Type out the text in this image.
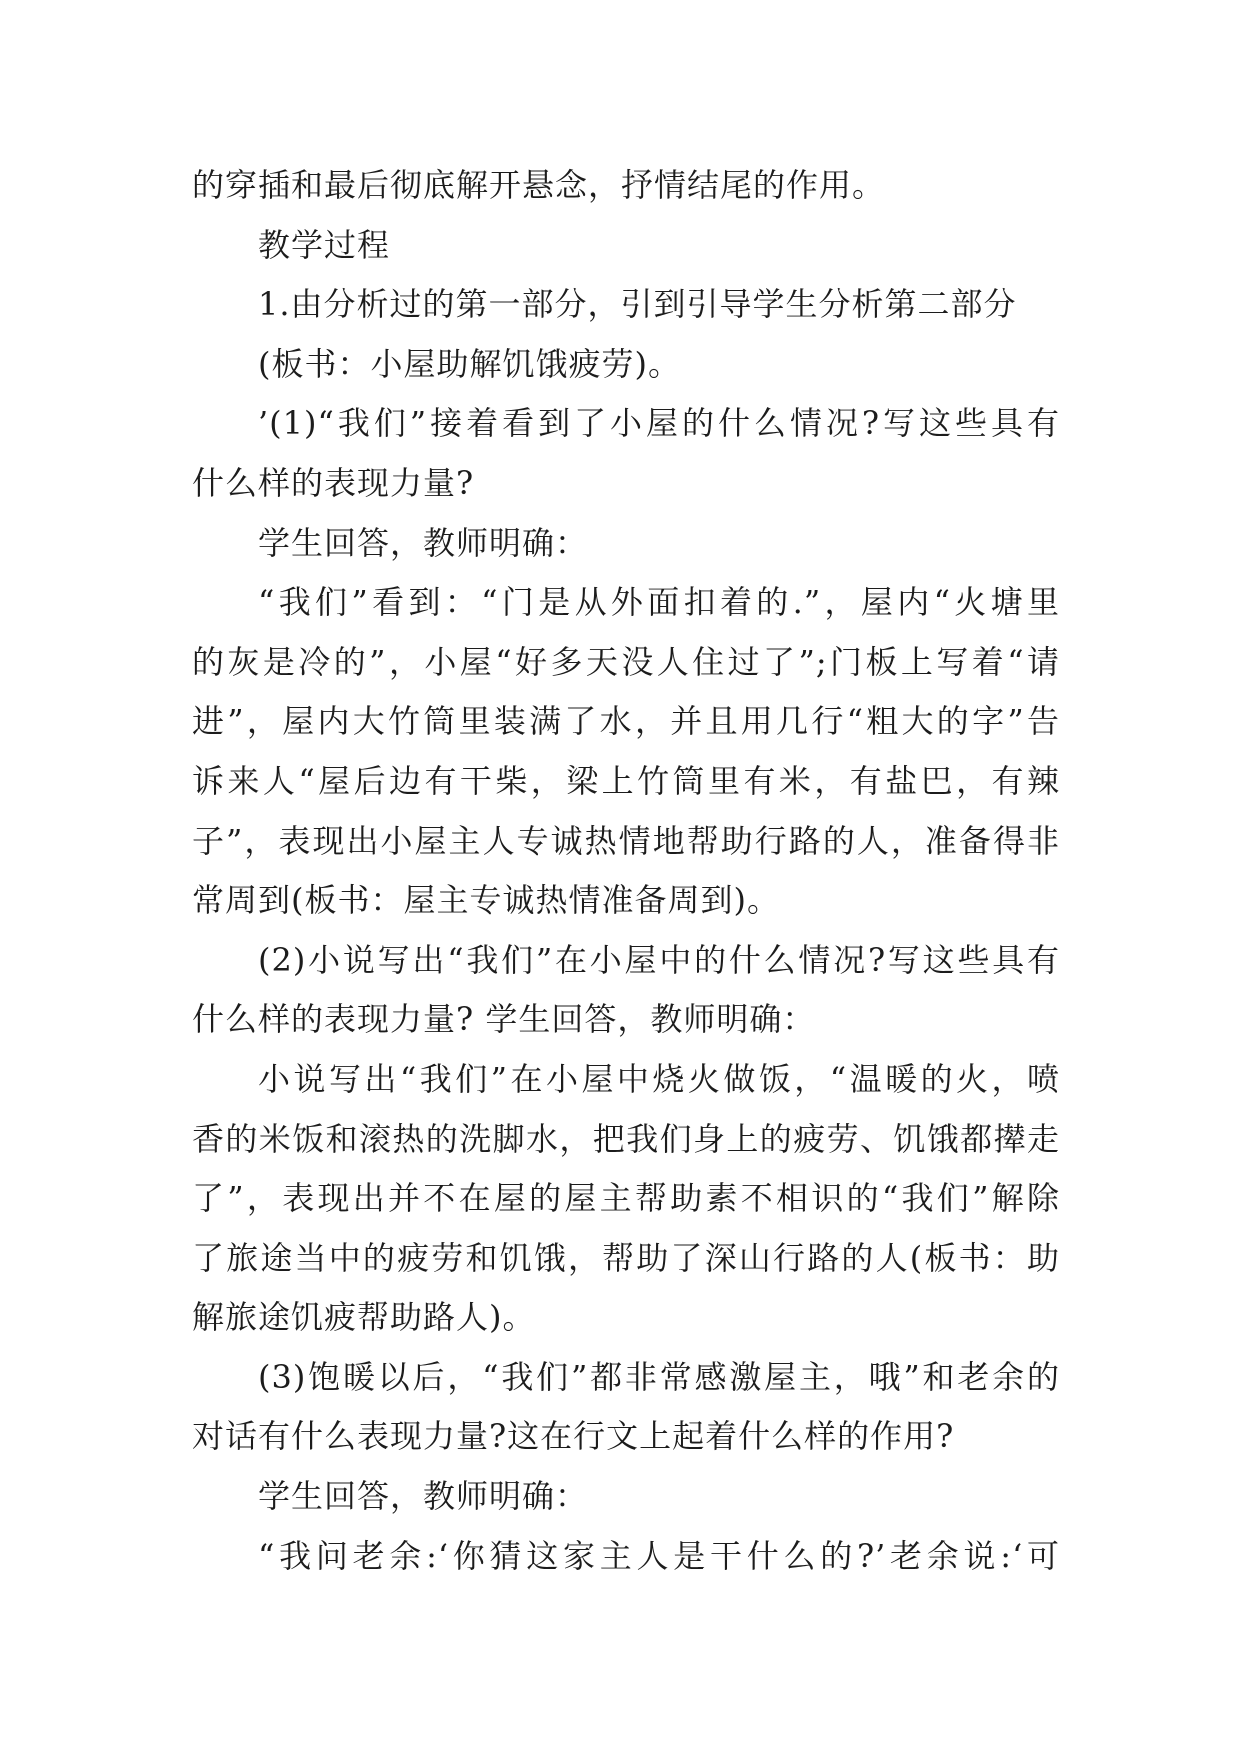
的穿插和最后彻底解开悬念，抒情结尾的作用。
教学过程
1.由分析过的第一部分，引到引导学生分析第二部分
(板书：小屋助解饥饿疲劳)。
’(1)“我们”接着看到了小屋的什么情况?写这些具有
什么样的表现力量?
学生回答，教师明确：
“我们”看到：“门是从外面扣着的.”，屋内“火塘里
的灰是冷的”，小屋“好多天没人住过了”;门板上写着“请
进”，屋内大竹筒里装满了水，并且用几行“粗大的字”告
诉来人“屋后边有干柴，梁上竹筒里有米，有盐巴，有辣
子”，表现出小屋主人专诚热情地帮助行路的人，准备得非
常周到(板书：屋主专诚热情准备周到)。
(2)小说写出“我们”在小屋中的什么情况?写这些具有
什么样的表现力量? 学生回答，教师明确：
小说写出“我们”在小屋中烧火做饭，“温暖的火，喷
香的米饭和滚热的洗脚水，把我们身上的疲劳、饥饿都撵走
了”，表现出并不在屋的屋主帮助素不相识的“我们”解除
了旅途当中的疲劳和饥饿，帮助了深山行路的人(板书：助
解旅途饥疲帮助路人)。
(3)饱暖以后，“我们”都非常感激屋主，哦”和老余的
对话有什么表现力量?这在行文上起着什么样的作用?
学生回答，教师明确：
“我问老余:‘你猜这家主人是干什么的?’老余说:‘可
